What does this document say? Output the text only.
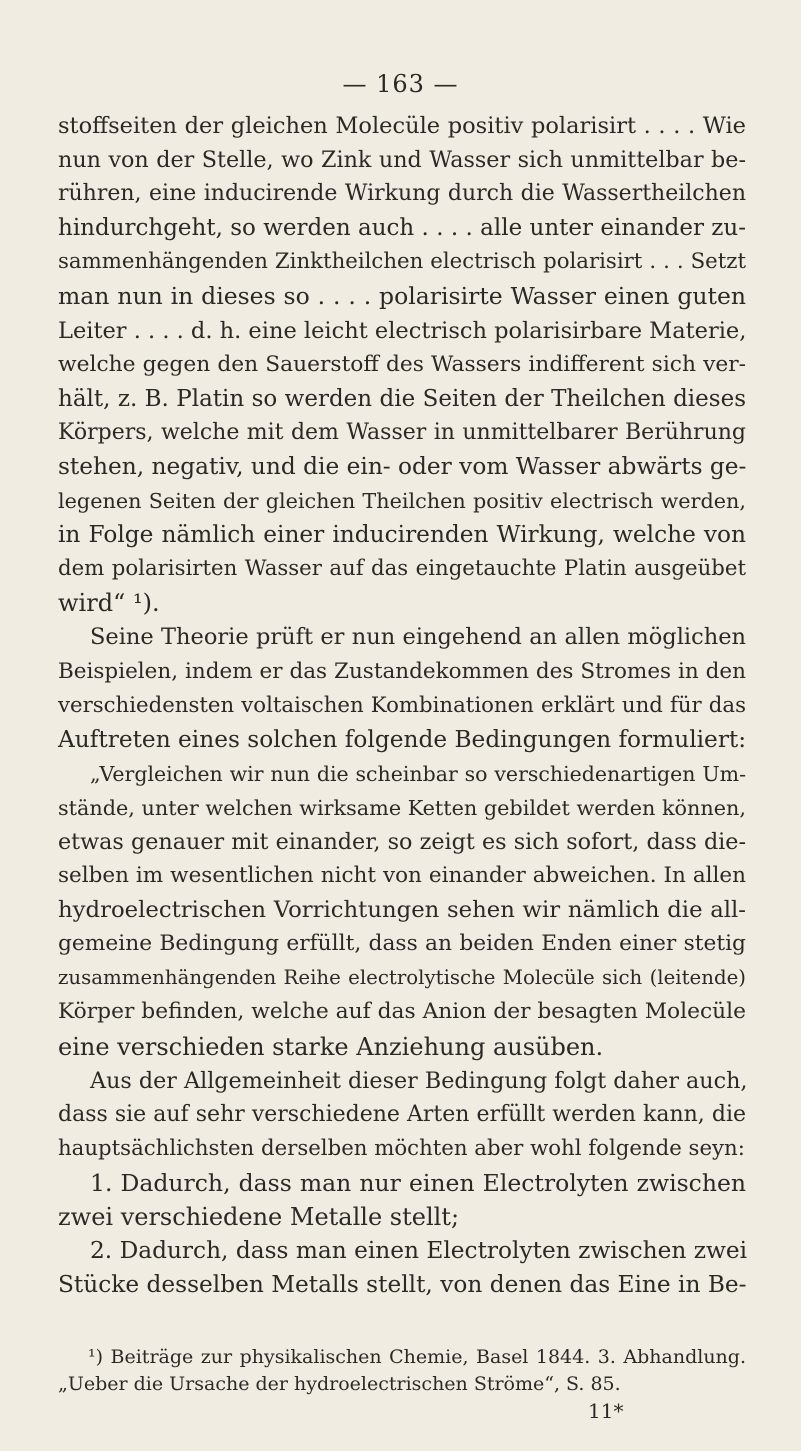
— 163 —
stoffseiten der gleichen Molecüle positiv polarisirt . . . . Wie
nun von der Stelle, wo Zink und Wasser sich unmittelbar be-
rühren, eine inducirende Wirkung durch die Wassertheilchen
hindurchgeht, so werden auch . . . . alle unter einander zu-
sammenhängenden Zinktheilchen electrisch polarisirt . . . Setzt
man nun in dieses so . . . . polarisirte Wasser einen guten
Leiter . . . . d. h. eine leicht electrisch polarisirbare Materie,
welche gegen den Sauerstoff des Wassers indifferent sich ver-
hält, z. B. Platin so werden die Seiten der Theilchen dieses
Körpers, welche mit dem Wasser in unmittelbarer Berührung
stehen, negativ, und die ein- oder vom Wasser abwärts ge-
legenen Seiten der gleichen Theilchen positiv electrisch werden,
in Folge nämlich einer inducirenden Wirkung, welche von
dem polarisirten Wasser auf das eingetauchte Platin ausgeübet
wird“ ¹).
Seine Theorie prüft er nun eingehend an allen möglichen
Beispielen, indem er das Zustandekommen des Stromes in den
verschiedensten voltaischen Kombinationen erklärt und für das
Auftreten eines solchen folgende Bedingungen formuliert:
„Vergleichen wir nun die scheinbar so verschiedenartigen Um-
stände, unter welchen wirksame Ketten gebildet werden können,
etwas genauer mit einander, so zeigt es sich sofort, dass die-
selben im wesentlichen nicht von einander abweichen. In allen
hydroelectrischen Vorrichtungen sehen wir nämlich die all-
gemeine Bedingung erfüllt, dass an beiden Enden einer stetig
zusammenhängenden Reihe electrolytische Molecüle sich (leitende)
Körper befinden, welche auf das Anion der besagten Molecüle
eine verschieden starke Anziehung ausüben.
Aus der Allgemeinheit dieser Bedingung folgt daher auch,
dass sie auf sehr verschiedene Arten erfüllt werden kann, die
hauptsächlichsten derselben möchten aber wohl folgende seyn:
1. Dadurch, dass man nur einen Electrolyten zwischen
zwei verschiedene Metalle stellt;
2. Dadurch, dass man einen Electrolyten zwischen zwei
Stücke desselben Metalls stellt, von denen das Eine in Be-
¹) Beiträge zur physikalischen Chemie, Basel 1844. 3. Abhandlung.
„Ueber die Ursache der hydroelectrischen Ströme“, S. 85.
11*
